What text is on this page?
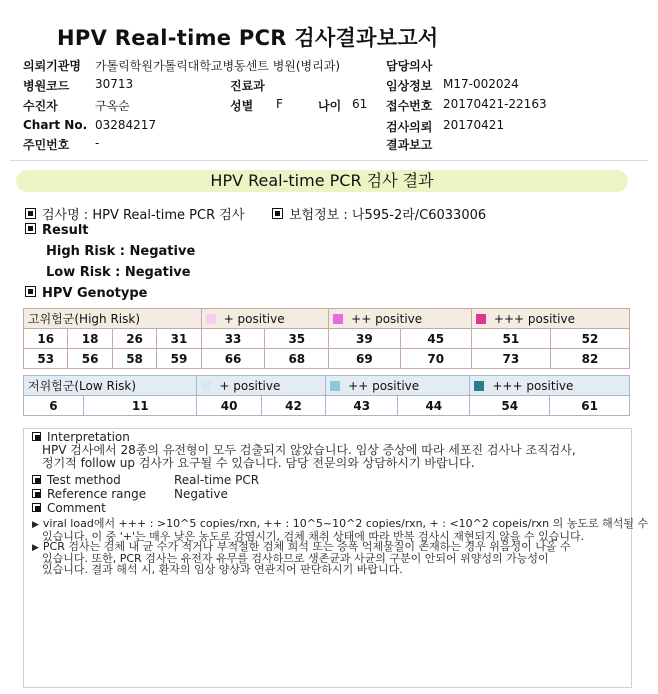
HPV Real-time PCR 검사결과보고서
의뢰기관명 가톨릭학원가톨릭대학교병동센트 병원(병리과)
병원코드 30713
수진자	구옥순
Chart No. 03284217
주민번호 -
진료과
성별 F	나이 61
담당의사
임상정보 M17-002024
접수번호 20170421-22163
검사의뢰 20170421
결과보고
HPV Real-time PCR 검사 결과
검사명 : HPV Real-time PCR 검사	보험정보 : 나595-2라/C6033006
Result
High Risk : Negative
Low Risk : Negative
HPV Genotype
고위험군(High Risk)				+ positive		++ positive		+++ positive	
16	18	26	31	33	35	39	45	51	52
53	56	58	59	66	68	69	70	73	82
저위험군(Low Risk)		+ positive		++ positive		+++ positive	
6	11	40	42	43	44	54	61
Interpretation
HPV 검사에서 28종의 유전형이 모두 검출되지 않았습니다. 임상 증상에 따라 세포진 검사나 조직검사,
정기적 follow up 검사가 요구될 수 있습니다. 담당 전문의와 상담하시기 바랍니다.
Test method	Real-time PCR
Reference range Negative
Comment
▶ viral load에서 +++ : >10^5 copies/rxn, ++ : 10^5~10^2 copies/rxn, + : <10^2 copeis/rxn 의 농도로 해석될 수
있습니다. 이 중 '+'는 매우 낮은 농도로 감염시기, 검체 채취 상태에 따라 반복 검사시 재현되지 않을 수 있습니다.
▶ PCR 검사는 검체 내 균 수가 적거나 부적절한 검체 희석 또는 증폭 억제물질이 존재하는 경우 위음성이 나올 수
있습니다. 또한, PCR 검사는 유전자 유무를 검사하므로 생존균과 사균의 구분이 안되어 위양성의 가능성이
있습니다. 결과 해석 시, 환자의 임상 양상과 연관지어 판단하시기 바랍니다.
